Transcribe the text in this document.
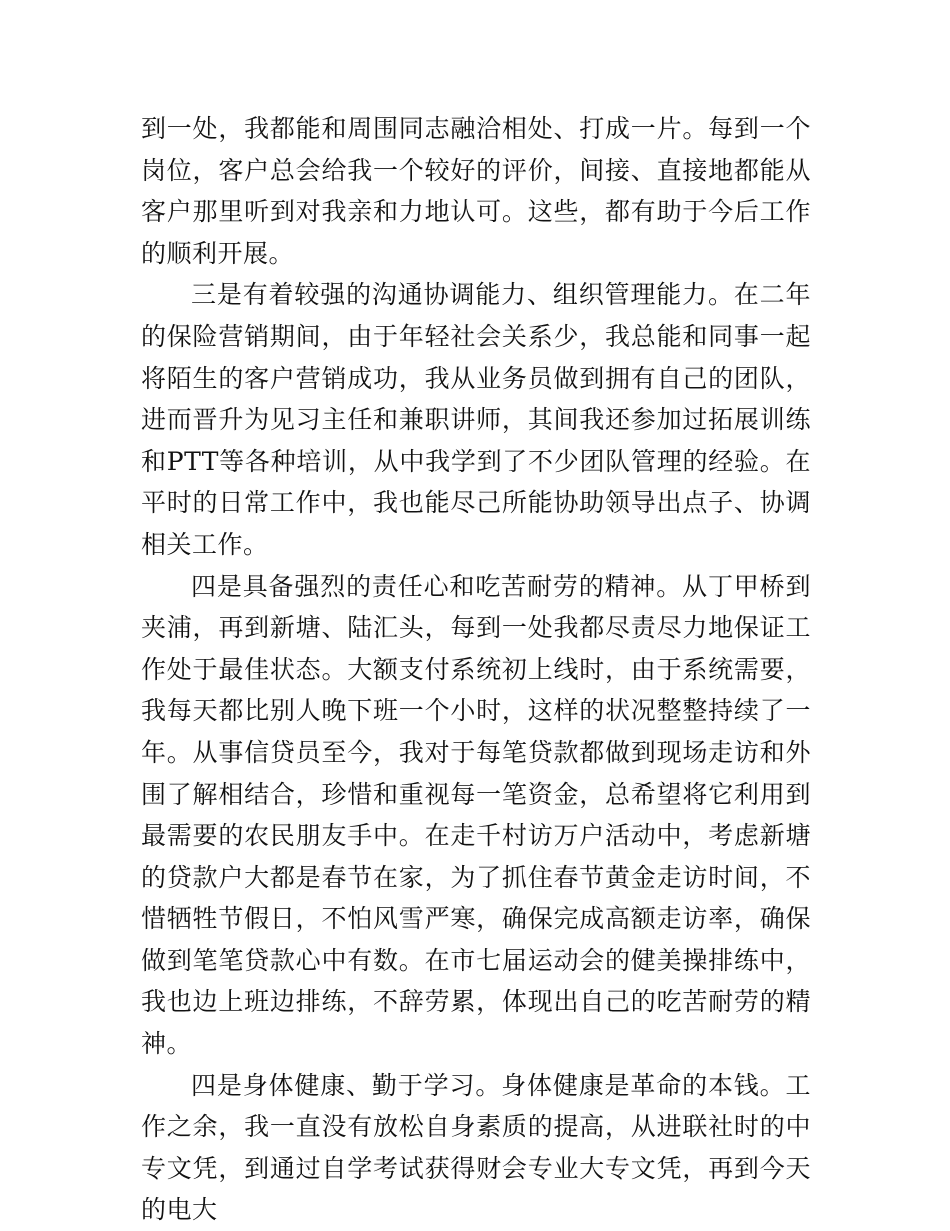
到一处，我都能和周围同志融洽相处、打成一片。每到一个岗位，客户总会给我一个较好的评价，间接、直接地都能从客户那里听到对我亲和力地认可。这些，都有助于今后工作的顺利开展。

三是有着较强的沟通协调能力、组织管理能力。在二年的保险营销期间，由于年轻社会关系少，我总能和同事一起将陌生的客户营销成功，我从业务员做到拥有自己的团队，进而晋升为见习主任和兼职讲师，其间我还参加过拓展训练和PTT等各种培训，从中我学到了不少团队管理的经验。在平时的日常工作中，我也能尽己所能协助领导出点子、协调相关工作。

四是具备强烈的责任心和吃苦耐劳的精神。从丁甲桥到夹浦，再到新塘、陆汇头，每到一处我都尽责尽力地保证工作处于最佳状态。大额支付系统初上线时，由于系统需要，我每天都比别人晚下班一个小时，这样的状况整整持续了一年。从事信贷员至今，我对于每笔贷款都做到现场走访和外围了解相结合，珍惜和重视每一笔资金，总希望将它利用到最需要的农民朋友手中。在走千村访万户活动中，考虑新塘的贷款户大都是春节在家，为了抓住春节黄金走访时间，不惜牺牲节假日，不怕风雪严寒，确保完成高额走访率，确保做到笔笔贷款心中有数。在市七届运动会的健美操排练中，我也边上班边排练，不辞劳累，体现出自己的吃苦耐劳的精神。

四是身体健康、勤于学习。身体健康是革命的本钱。工作之余，我一直没有放松自身素质的提高，从进联社时的中专文凭，到通过自学考试获得财会专业大专文凭，再到今天的电大
